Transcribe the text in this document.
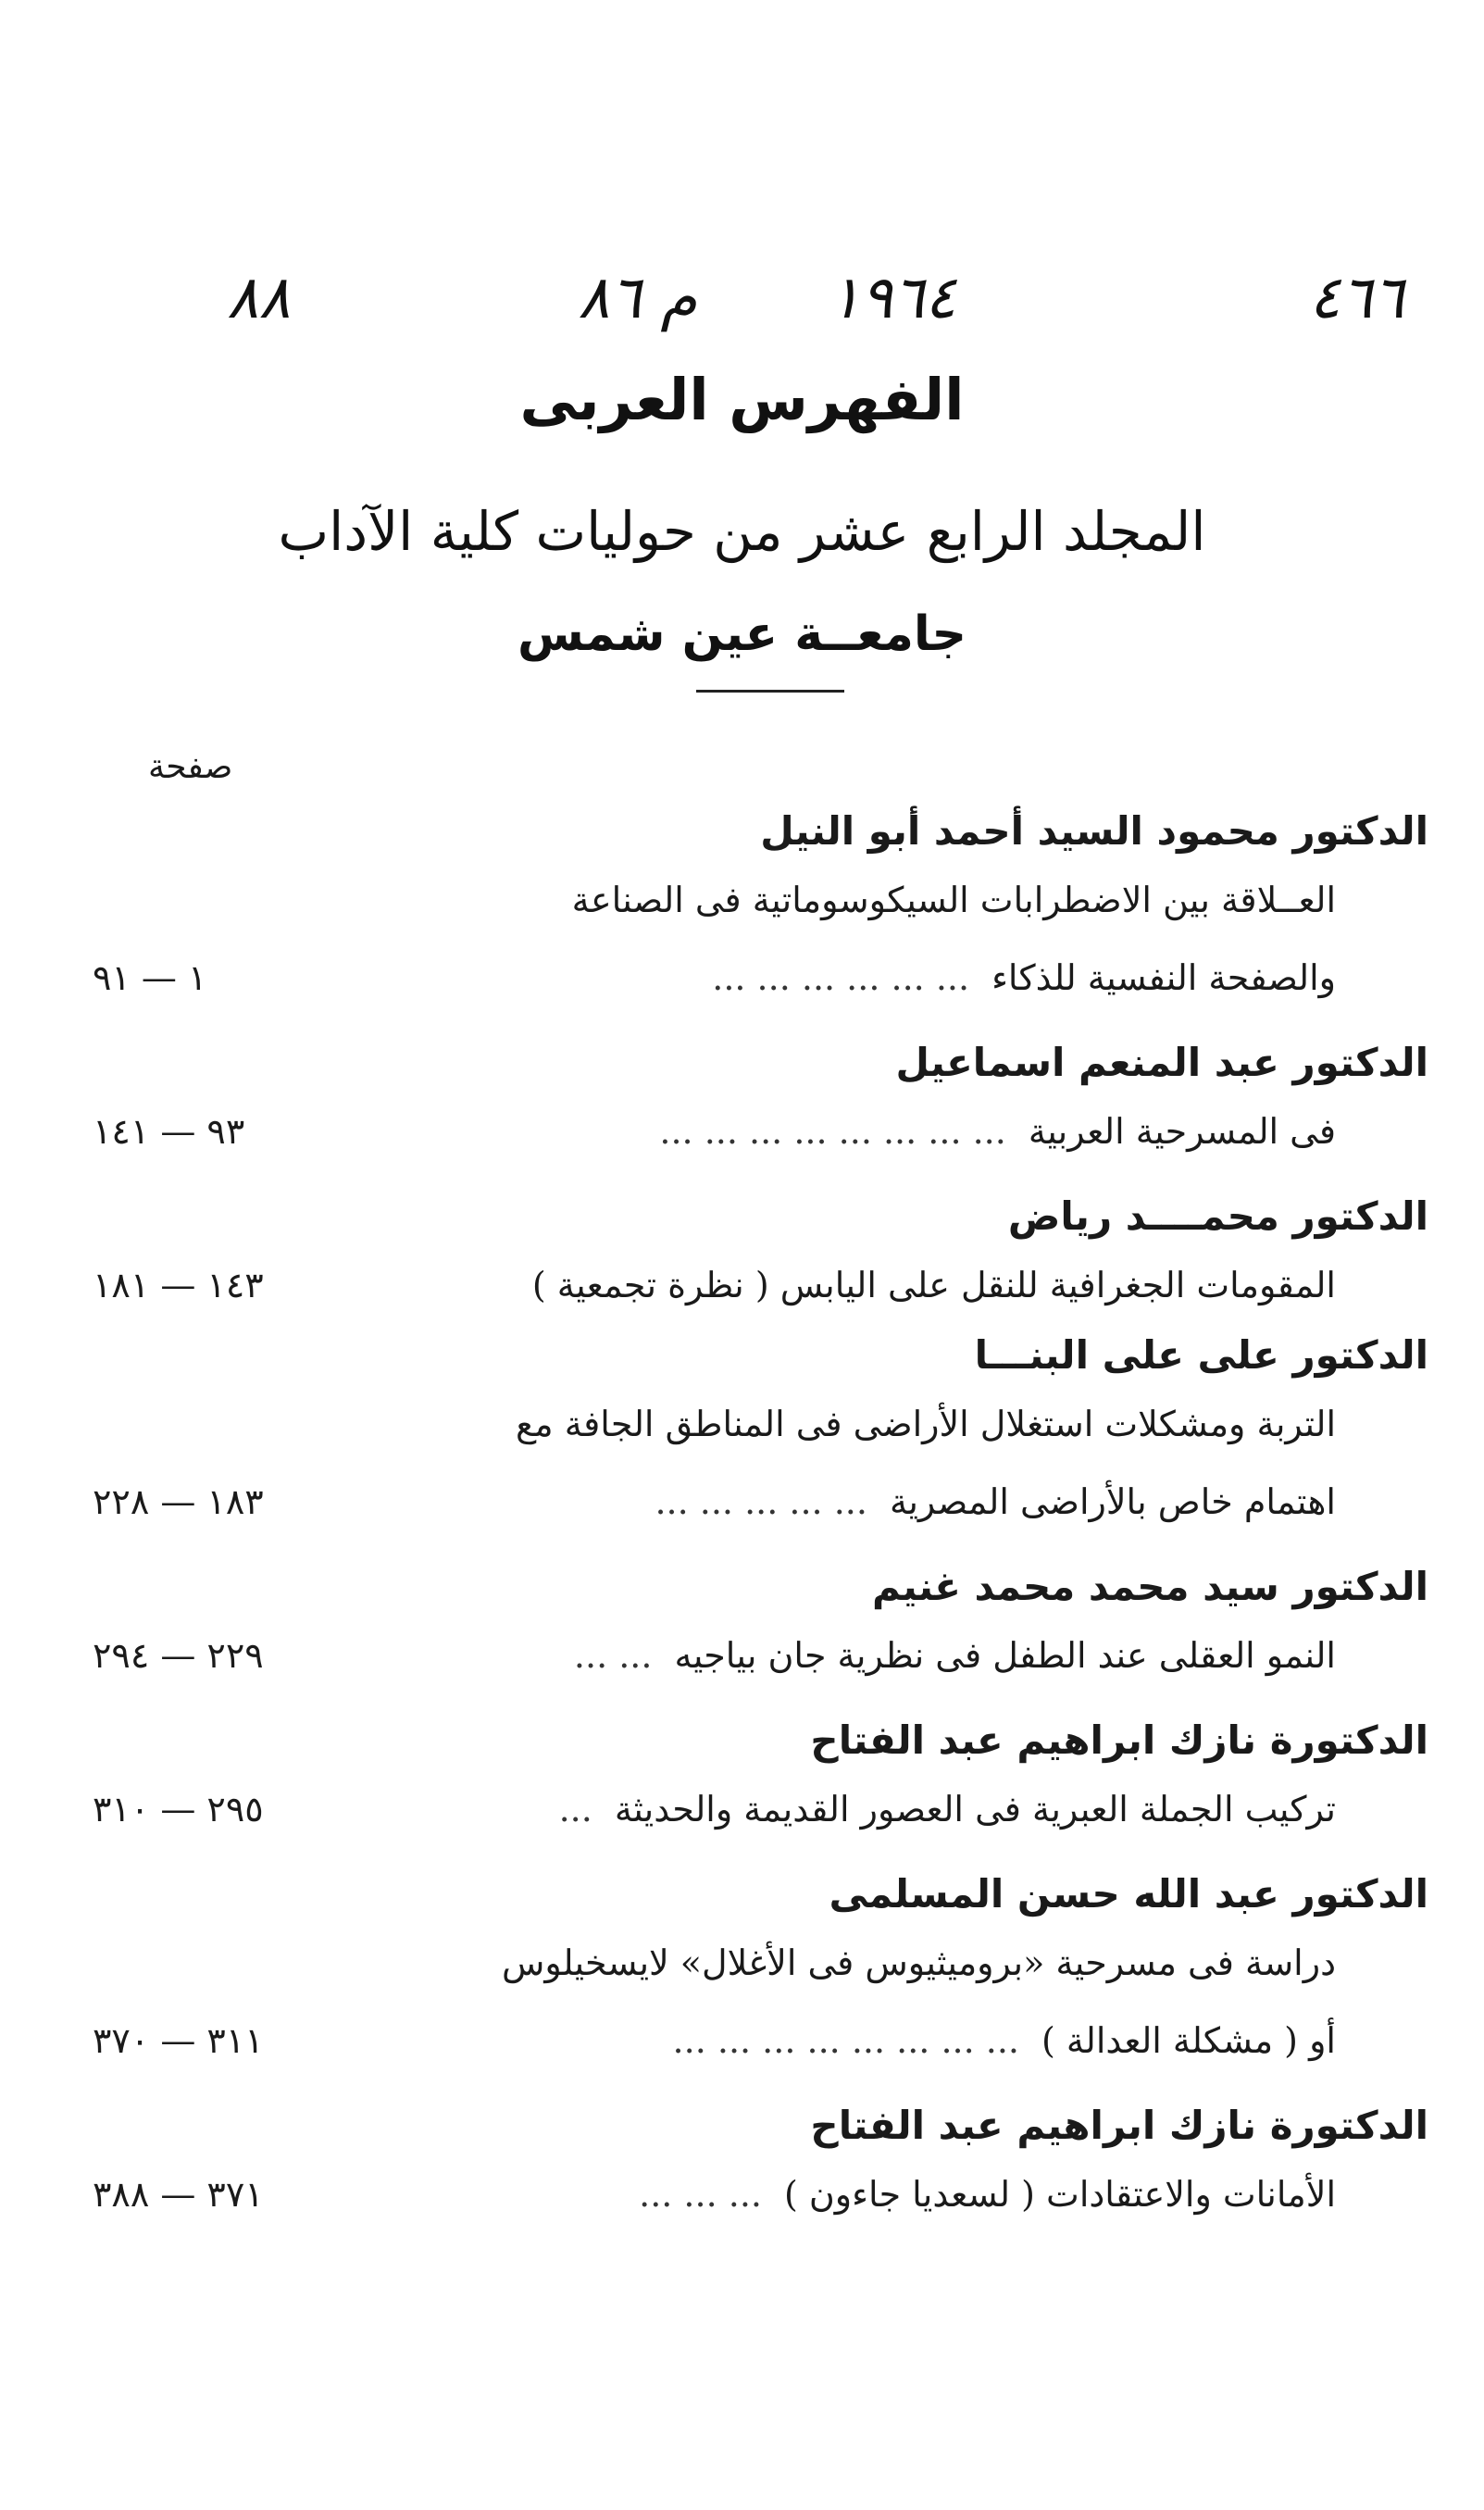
٤٦٦
١٩٦٤
م ٨٦
٨٨
الفهرس العربى
المجلد الرابع عشر من حوليات كلية الآداب
جامعــة عين شمس
صفحة
الدكتور محمود السيد أحمد أبو النيل
العــلاقة بين الاضطرابات السيكوسوماتية فى الصناعة
والصفحة النفسية للذكاء... ... ... ... ... ...
١ — ٩١
الدكتور عبد المنعم اسماعيل
فى المسرحية العربية... ... ... ... ... ... ... ...
٩٣ — ١٤١
الدكتور محمــــد رياض
المقومات الجغرافية للنقل على اليابس ( نظرة تجمعية )
١٤٣ — ١٨١
الدكتور على على البنـــا
التربة ومشكلات استغلال الأراضى فى المناطق الجافة مع
اهتمام خاص بالأراضى المصرية... ... ... ... ...
١٨٣ — ٢٢٨
الدكتور سيد محمد محمد غنيم
النمو العقلى عند الطفل فى نظرية جان بياجيه... ...
٢٢٩ — ٢٩٤
الدكتورة نازك ابراهيم عبد الفتاح
تركيب الجملة العبرية فى العصور القديمة والحديثة...
٢٩٥ — ٣١٠
الدكتور عبد الله حسن المسلمى
دراسة فى مسرحية «بروميثيوس فى الأغلال» لايسخيلوس
أو ( مشكلة العدالة )... ... ... ... ... ... ... ...
٣١١ — ٣٧٠
الدكتورة نازك ابراهيم عبد الفتاح
الأمانات والاعتقادات ( لسعديا جاءون )... ... ...
٣٧١ — ٣٨٨
